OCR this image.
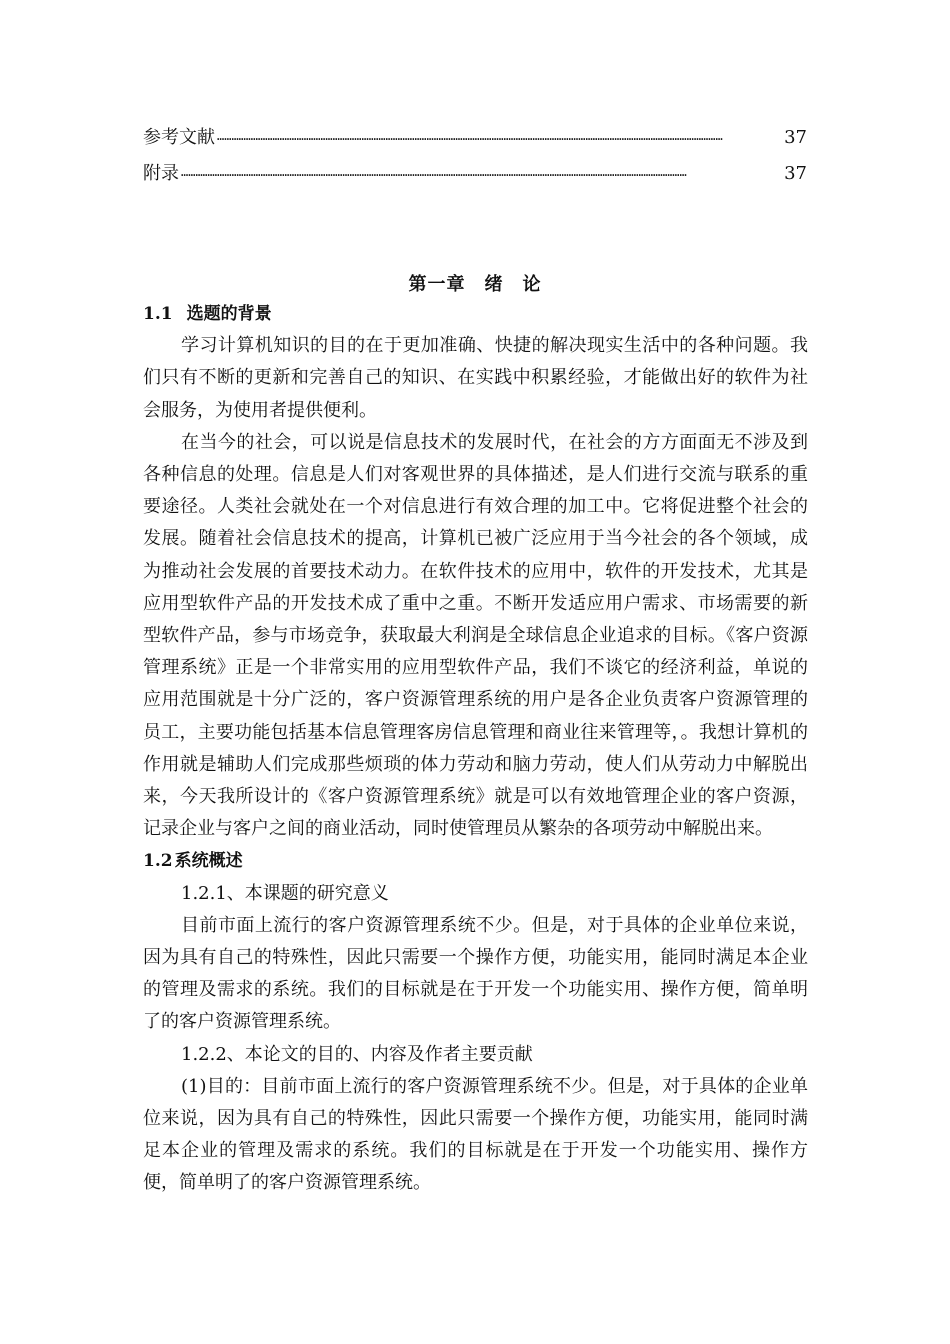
参考文献 …………………………………………………………………………………………………………………………………………………………………………………………	37
附录 …………………………………………………………………………………………………………………………………………………………………………………………	37
第一章　绪　论

1.1 选题的背景

学习计算机知识的目的在于更加准确、快捷的解决现实生活中的各种问题。我们只有不断的更新和完善自己的知识、在实践中积累经验，才能做出好的软件为社会服务，为使用者提供便利。

在当今的社会，可以说是信息技术的发展时代，在社会的方方面面无不涉及到各种信息的处理。信息是人们对客观世界的具体描述，是人们进行交流与联系的重要途径。人类社会就处在一个对信息进行有效合理的加工中。它将促进整个社会的发展。随着社会信息技术的提高，计算机已被广泛应用于当今社会的各个领域，成为推动社会发展的首要技术动力。在软件技术的应用中，软件的开发技术，尤其是应用型软件产品的开发技术成了重中之重。不断开发适应用户需求、市场需要的新型软件产品，参与市场竞争，获取最大利润是全球信息企业追求的目标。《客户资源管理系统》正是一个非常实用的应用型软件产品，我们不谈它的经济利益，单说的应用范围就是十分广泛的，客户资源管理系统的用户是各企业负责客户资源管理的员工，主要功能包括基本信息管理客房信息管理和商业往来管理等，。我想计算机的作用就是辅助人们完成那些烦琐的体力劳动和脑力劳动，使人们从劳动力中解脱出来，今天我所设计的《客户资源管理系统》就是可以有效地管理企业的客户资源，记录企业与客户之间的商业活动，同时使管理员从繁杂的各项劳动中解脱出来。

1.2 系统概述

1.2.1、本课题的研究意义

目前市面上流行的客户资源管理系统不少。但是，对于具体的企业单位来说，因为具有自己的特殊性，因此只需要一个操作方便，功能实用，能同时满足本企业的管理及需求的系统。我们的目标就是在于开发一个功能实用、操作方便，简单明了的客户资源管理系统。

1.2.2、本论文的目的、内容及作者主要贡献

(1)目的：目前市面上流行的客户资源管理系统不少。但是，对于具体的企业单位来说，因为具有自己的特殊性，因此只需要一个操作方便，功能实用，能同时满足本企业的管理及需求的系统。我们的目标就是在于开发一个功能实用、操作方便，简单明了的客户资源管理系统。
